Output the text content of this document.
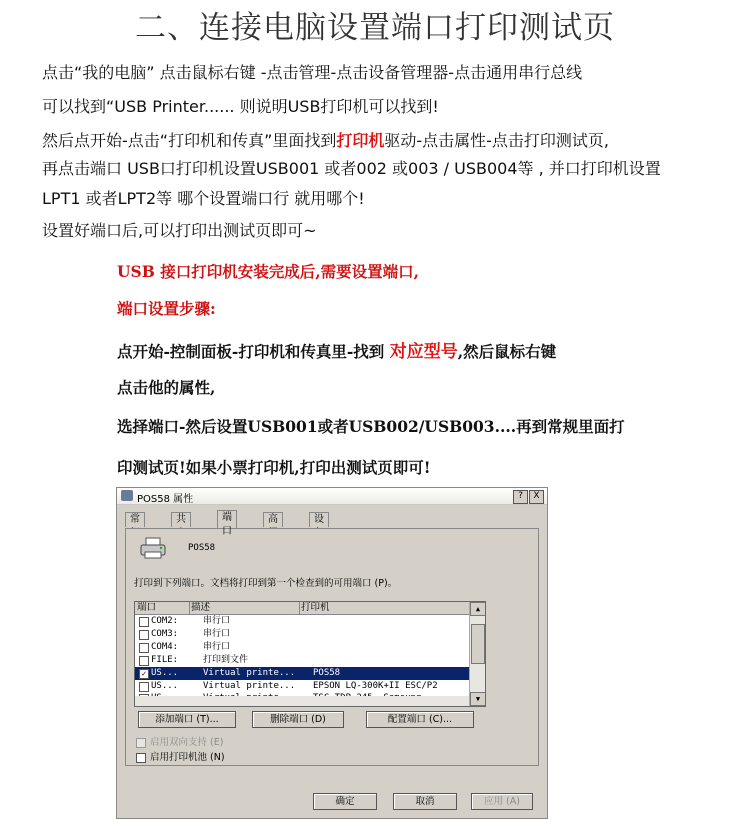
二、连接电脑设置端口打印测试页
点击“我的电脑” 点击鼠标右键 -点击管理-点击设备管理器-点击通用串行总线
可以找到“USB Printer...... 则说明USB打印机可以找到!
然后点开始-点击“打印机和传真”里面找到打印机驱动-点击属性-点击打印测试页,
再点击端口 USB口打印机设置USB001 或者002 或003 / USB004等 , 并口打印机设置
LPT1 或者LPT2等 哪个设置端口行 就用哪个!
设置好端口后,可以打印出测试页即可~
USB 接口打印机安装完成后,需要设置端口,
端口设置步骤:
点开始-控制面板-打印机和传真里-找到 对应型号,然后鼠标右键
点击他的属性,
选择端口-然后设置USB001或者USB002/USB003....再到常规里面打
印测试页!如果小票打印机,打印出测试页即可!
POS58 属性	?	X
常	共	端口
高	设
POS58
打印到下列端口。文档将打印到第一个检查到的可用端口 (P)。
端口	描述	打印机
COM2:	串行口
COM3:	串行口
COM4:	串行口
FILE:	打印到文件
✓ US...	Virtual printe... POS58
US...	Virtual printe... EPSON LQ-300K+II ESC/P2
▲
▼
添加端口 (T)...	删除端口 (D)	配置端口 (C)...
启用双向支持 (E)
启用打印机池 (N)
确定	取消	应用 (A)
